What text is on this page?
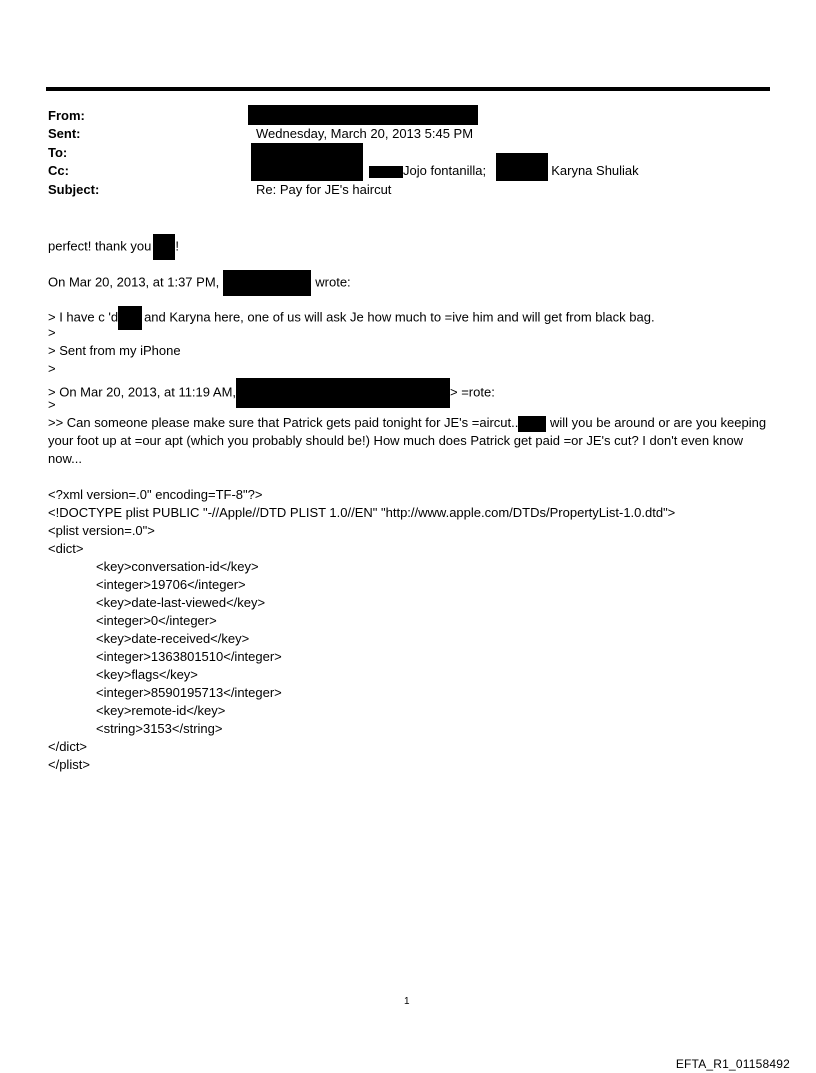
From:
Sent:	Wednesday, March 20, 2013 5:45 PM
To:
Cc:	Jojo fontanilla;	; Karyna Shuliak
Subject:	Re: Pay for JE's haircut
perfect! thank you !
On Mar 20, 2013, at 1:37 PM,	wrote:
> I have c 'd and Karyna here, one of us will ask Je how much to =ive him and will get from black bag.
>
> Sent from my iPhone
>
> On Mar 20, 2013, at 11:19 AM,	> =rote:
>
>> Can someone please make sure that Patrick gets paid tonight for JE's =aircut.. will you be around or are you keeping your foot up at =our apt (which you probably should be!) How much does Patrick get paid =or JE's cut? I don't even know now...
<?xml version=.0" encoding=TF-8"?>
<!DOCTYPE plist PUBLIC "-//Apple//DTD PLIST 1.0//EN" "http://www.apple.com/DTDs/PropertyList-1.0.dtd">
<plist version=.0">
<dict>
<key>conversation-id</key>
<integer>19706</integer>
<key>date-last-viewed</key>
<integer>0</integer>
<key>date-received</key>
<integer>1363801510</integer>
<key>flags</key>
<integer>8590195713</integer>
<key>remote-id</key>
<string>3153</string>
</dict>
</plist>
1
EFTA_R1_01158492
